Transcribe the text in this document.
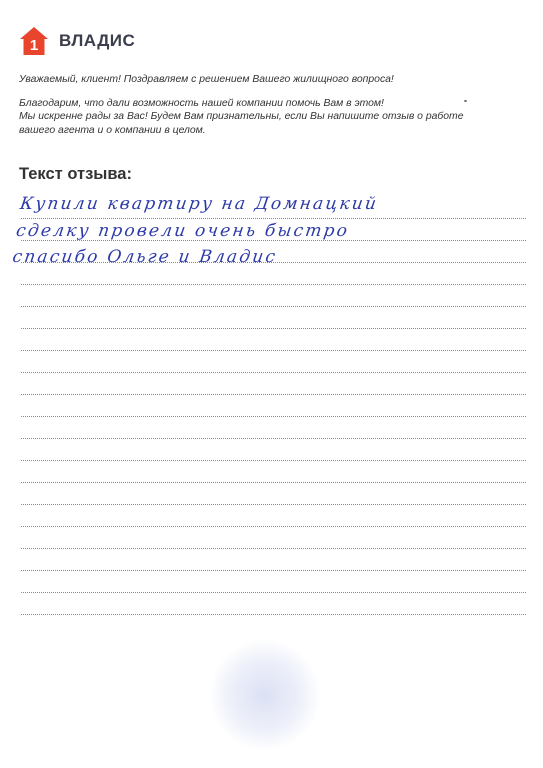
1 ВЛАДИС

Уважаемый, клиент! Поздравляем с решением Вашего жилищного вопроса!

Благодарим, что дали возможность нашей компании помочь Вам в этом!

Мы искренне рады за Вас! Будем Вам признательны, если Вы напишите отзыв о работе

вашего агента и о компании в целом.

Текст отзыва:
Купили квартиру на Домнацкий
сделку провели очень быстро
спасибо Ольге и Владис
